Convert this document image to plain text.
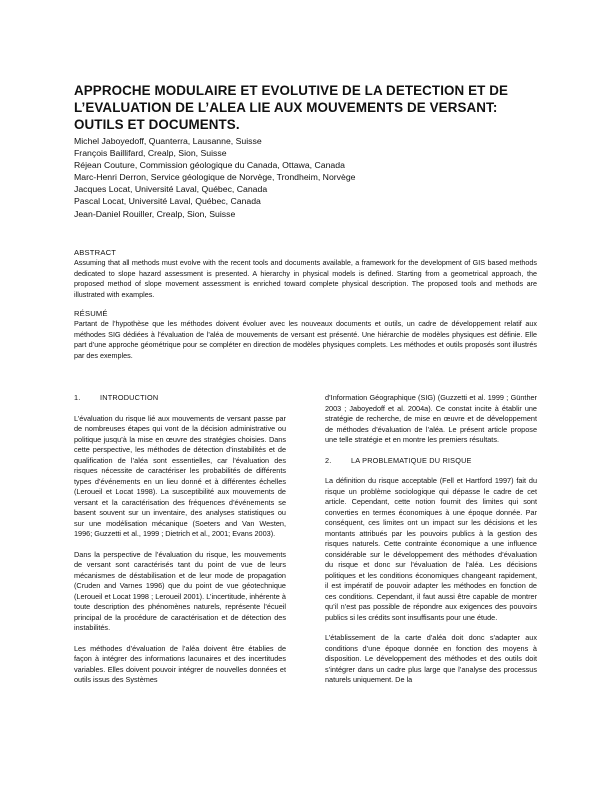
APPROCHE MODULAIRE ET EVOLUTIVE DE LA DETECTION ET DE
L’EVALUATION DE L’ALEA LIE AUX MOUVEMENTS DE VERSANT:
OUTILS ET DOCUMENTS.
Michel Jaboyedoff, Quanterra, Lausanne, Suisse
François Baillifard, Crealp, Sion, Suisse
Réjean Couture, Commission géologique du Canada, Ottawa, Canada
Marc-Henri Derron, Service géologique de Norvège, Trondheim, Norvège
Jacques Locat, Université Laval, Québec, Canada
Pascal Locat, Université Laval, Québec, Canada
Jean-Daniel Rouiller, Crealp, Sion, Suisse
ABSTRACT
Assuming that all methods must evolve with the recent tools and documents available, a framework for the development of GIS based methods dedicated to slope hazard assessment is presented. A hierarchy in physical models is defined. Starting from a geometrical approach, the proposed method of slope movement assessment is enriched toward complete physical description. The proposed tools and methods are illustrated with examples.
RÉSUMÉ
Partant de l’hypothèse que les méthodes doivent évoluer avec les nouveaux documents et outils, un cadre de développement relatif aux méthodes SIG dédiées à l’évaluation de l’aléa de mouvements de versant est présenté. Une hiérarchie de modèles physiques est définie. Elle part d’une approche géométrique pour se compléter en direction de modèles physiques complets. Les méthodes et outils proposés sont illustrés par des exemples.
1.	INTRODUCTION

L’évaluation du risque lié aux mouvements de versant passe par de nombreuses étapes qui vont de la décision administrative ou politique jusqu’à la mise en œuvre des stratégies choisies. Dans cette perspective, les méthodes de détection d’instabilités et de qualification de l’aléa sont essentielles, car l’évaluation des risques nécessite de caractériser les probabilités de différents types d’événements en un lieu donné et à différentes échelles (Leroueil et Locat 1998). La susceptibilité aux mouvements de versant et la caractérisation des fréquences d’événements se basent souvent sur un inventaire, des analyses statistiques ou sur une modélisation mécanique (Soeters and Van Westen, 1996; Guzzetti et al., 1999 ; Dietrich et al., 2001; Evans 2003).

Dans la perspective de l’évaluation du risque, les mouvements de versant sont caractérisés tant du point de vue de leurs mécanismes de déstabilisation et de leur mode de propagation (Cruden and Varnes 1996) que du point de vue géotechnique (Leroueil et Locat 1998 ; Leroueil 2001). L’incertitude, inhérente à toute description des phénomènes naturels, représente l’écueil principal de la procédure de caractérisation et de détection des instabilités.

Les méthodes d’évaluation de l’aléa doivent être établies de façon à intégrer des informations lacunaires et des incertitudes variables. Elles doivent pouvoir intégrer de nouvelles données et outils issus des Systèmes

d’Information Géographique (SIG) (Guzzetti et al. 1999 ; Günther 2003 ; Jaboyedoff et al. 2004a). Ce constat incite à établir une stratégie de recherche, de mise en œuvre et de développement de méthodes d’évaluation de l’aléa. Le présent article propose une telle stratégie et en montre les premiers résultats.

2.	LA PROBLEMATIQUE DU RISQUE

La définition du risque acceptable (Fell et Hartford 1997) fait du risque un problème sociologique qui dépasse le cadre de cet article. Cependant, cette notion fournit des limites qui sont converties en termes économiques à une époque donnée. Par conséquent, ces limites ont un impact sur les décisions et les montants attribués par les pouvoirs publics à la gestion des risques naturels. Cette contrainte économique a une influence considérable sur le développement des méthodes d’évaluation du risque et donc sur l’évaluation de l’aléa. Les décisions politiques et les conditions économiques changeant rapidement, il est impératif de pouvoir adapter les méthodes en fonction de ces conditions. Cependant, il faut aussi être capable de montrer qu’il n’est pas possible de répondre aux exigences des pouvoirs publics si les crédits sont insuffisants pour une étude.

L’établissement de la carte d’aléa doit donc s’adapter aux conditions d’une époque donnée en fonction des moyens à disposition. Le développement des méthodes et des outils doit s’intégrer dans un cadre plus large que l’analyse des processus naturels uniquement. De la
